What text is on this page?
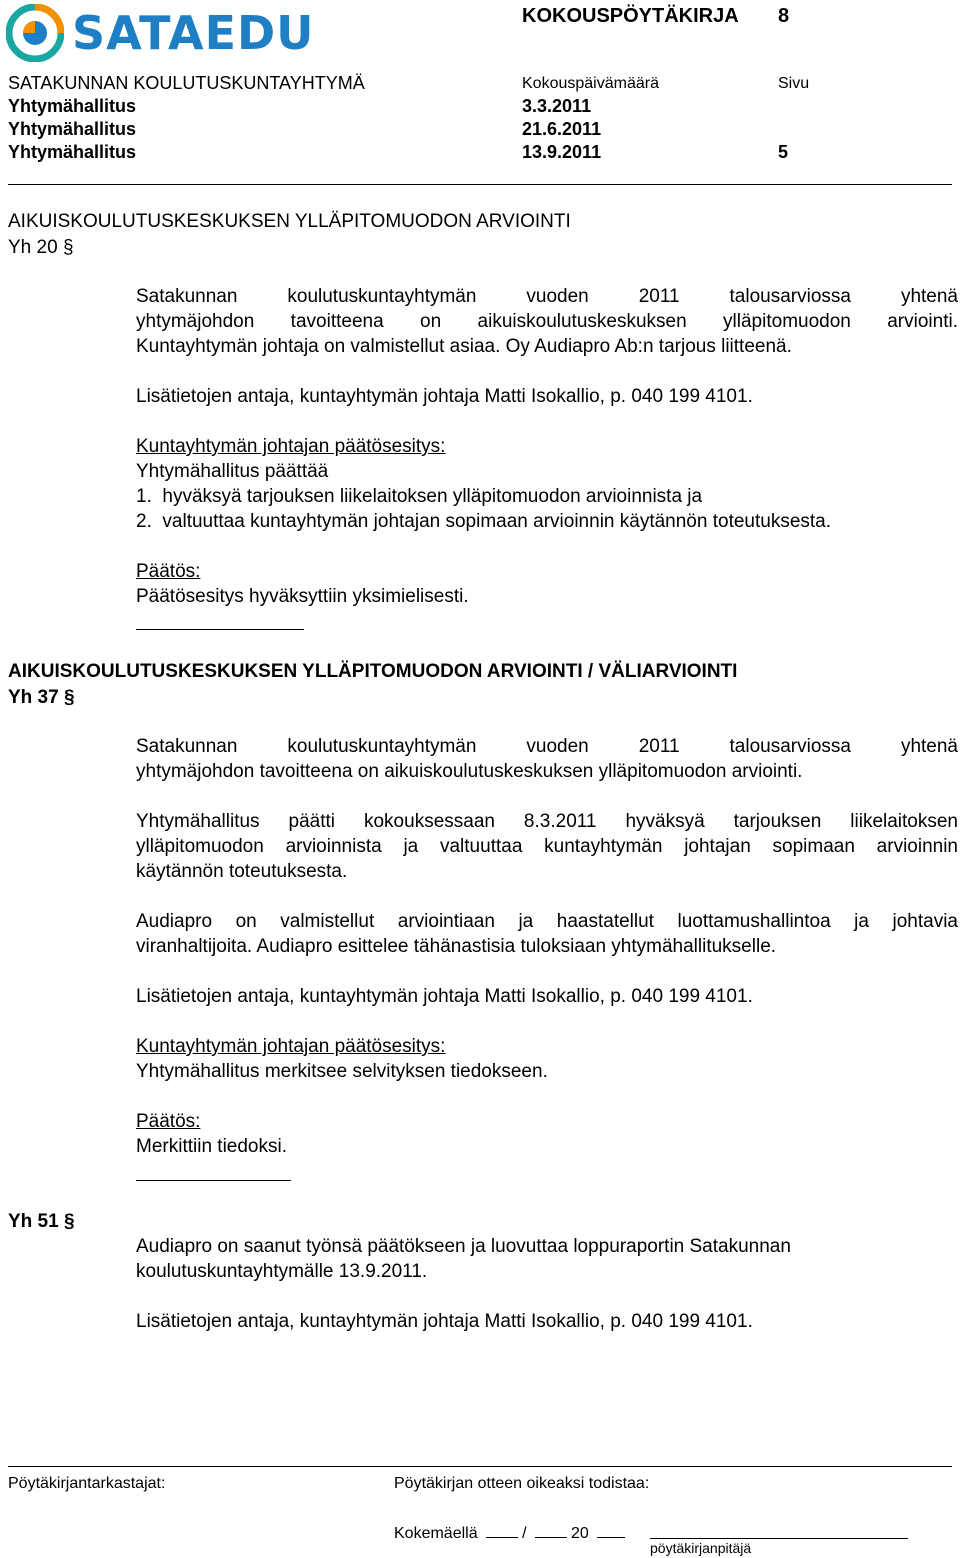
SATAEDU	KOKOUSPÖYTÄKIRJA 8
SATAKUNNAN KOULUTUSKUNTAYHTYMÄ	Kokouspäivämäärä	Sivu
Yhtymähallitus	3.3.2011
Yhtymähallitus	21.6.2011
Yhtymähallitus	13.9.2011	5
AIKUISKOULUTUSKESKUKSEN YLLÄPITOMUODON ARVIOINTI
Yh 20 §
Satakunnan koulutuskuntayhtymän vuoden 2011 talousarviossa yhtenä
yhtymäjohdon tavoitteena on aikuiskoulutuskeskuksen ylläpitomuodon arviointi.
Kuntayhtymän johtaja on valmistellut asiaa. Oy Audiapro Ab:n tarjous liitteenä.
Lisätietojen antaja, kuntayhtymän johtaja Matti Isokallio, p. 040 199 4101.
Kuntayhtymän johtajan päätösesitys:
Yhtymähallitus päättää
1. hyväksyä tarjouksen liikelaitoksen ylläpitomuodon arvioinnista ja
2. valtuuttaa kuntayhtymän johtajan sopimaan arvioinnin käytännön toteutuksesta.
Päätös:
Päätösesitys hyväksyttiin yksimielisesti.
AIKUISKOULUTUSKESKUKSEN YLLÄPITOMUODON ARVIOINTI / VÄLIARVIOINTI
Yh 37 §
Satakunnan koulutuskuntayhtymän vuoden 2011 talousarviossa yhtenä
yhtymäjohdon tavoitteena on aikuiskoulutuskeskuksen ylläpitomuodon arviointi.
Yhtymähallitus päätti kokouksessaan 8.3.2011 hyväksyä tarjouksen liikelaitoksen
ylläpitomuodon arvioinnista ja valtuuttaa kuntayhtymän johtajan sopimaan arvioinnin
käytännön toteutuksesta.
Audiapro on valmistellut arviointiaan ja haastatellut luottamushallintoa ja johtavia
viranhaltijoita. Audiapro esittelee tähänastisia tuloksiaan yhtymähallitukselle.
Lisätietojen antaja, kuntayhtymän johtaja Matti Isokallio, p. 040 199 4101.
Kuntayhtymän johtajan päätösesitys:
Yhtymähallitus merkitsee selvityksen tiedokseen.
Päätös:
Merkittiin tiedoksi.
Yh 51 §
Audiapro on saanut työnsä päätökseen ja luovuttaa loppuraportin Satakunnan
koulutuskuntayhtymälle 13.9.2011.
Lisätietojen antaja, kuntayhtymän johtaja Matti Isokallio, p. 040 199 4101.
Pöytäkirjantarkastajat:	Pöytäkirjan otteen oikeaksi todistaa:
Kokemäellä	/	20
pöytäkirjanpitäjä
